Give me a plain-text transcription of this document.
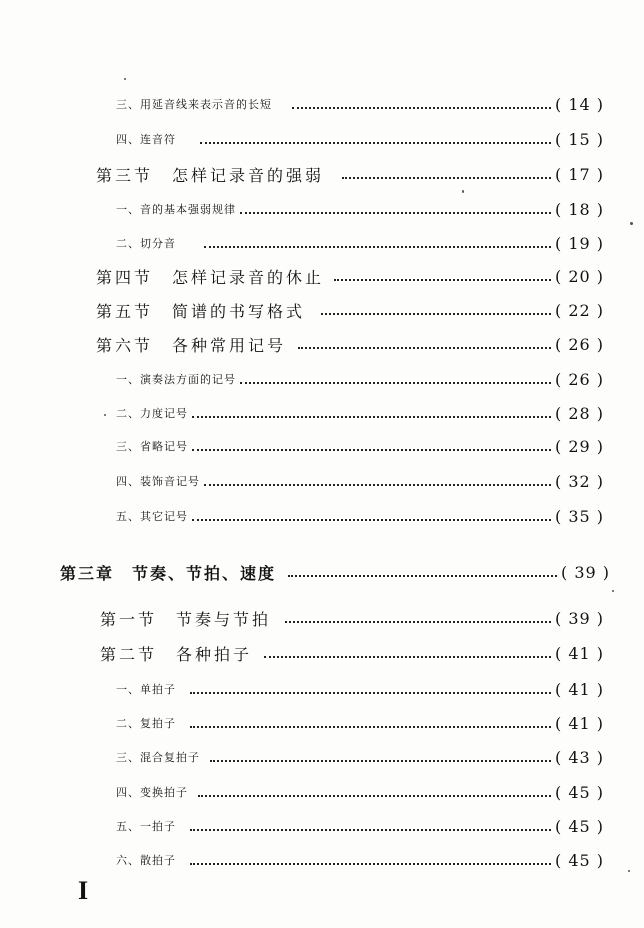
三、用延音线来表示音的长短	( 14 )
四、连音符	( 15 )
第三节　怎样记录音的强弱	( 17 )
一、音的基本强弱规律	( 18 )
二、切分音	( 19 )
第四节　怎样记录音的休止	( 20 )
第五节　简谱的书写格式	( 22 )
第六节　各种常用记号	( 26 )
一、演奏法方面的记号	( 26 )
二、力度记号	( 28 )
三、省略记号	( 29 )
四、装饰音记号	( 32 )
五、其它记号	( 35 )
第三章　节奏、节拍、速度	( 39 )
第一节　节奏与节拍	( 39 )
第二节　各种拍子	( 41 )
一、单拍子	( 41 )
二、复拍子	( 41 )
三、混合复拍子	( 43 )
四、变换拍子	( 45 )
五、一拍子	( 45 )
六、散拍子	( 45 )
I
